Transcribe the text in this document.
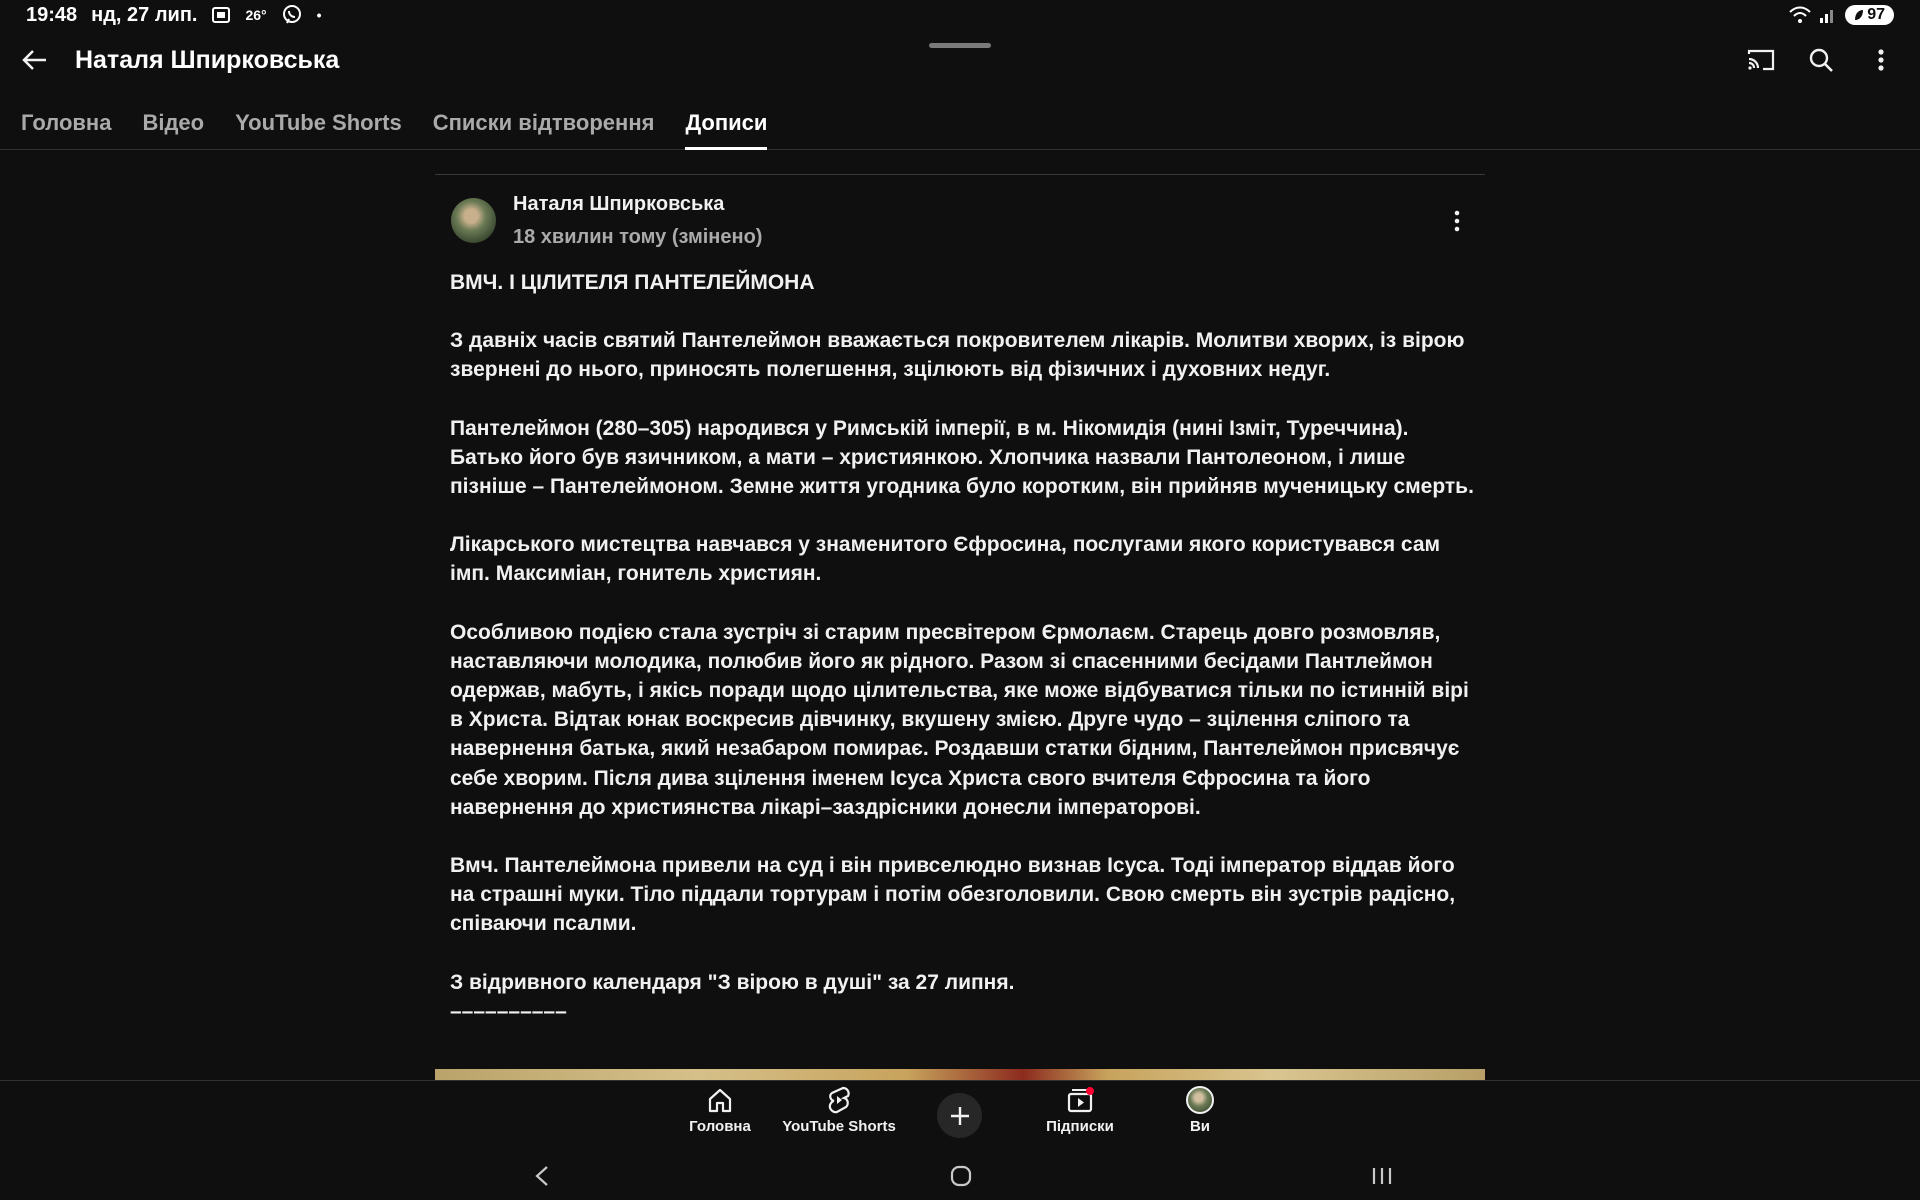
19:48 нд, 27 лип.	26°	•	97
Наталя Шпирковська
Головна Відео YouTube Shorts Списки відтворення Дописи
Наталя Шпирковська
18 хвилин тому (змінено)

ВМЧ. І ЦІЛИТЕЛЯ ПАНТЕЛЕЙМОНА

З давніх часів святий Пантелеймон вважається покровителем лікарів. Молитви хворих, із вірою звернені до нього, приносять полегшення, зцілюють від фізичних і духовних недуг.

Пантелеймон (280–305) народився у Римській імперії, в м. Нікомидія (нині Ізміт, Туреччина). Батько його був язичником, а мати – християнкою. Хлопчика назвали Пантолеоном, і лише пізніше – Пантелеймоном. Земне життя угодника було коротким, він прийняв мученицьку смерть.

Лікарського мистецтва навчався у знаменитого Єфросина, послугами якого користувався сам імп. Максиміан, гонитель християн.

Особливою подією стала зустріч зі старим пресвітером Єрмолаєм. Старець довго розмовляв, наставляючи молодика, полюбив його як рідного. Разом зі спасенними бесідами Пантлеймон одержав, мабуть, і якісь поради щодо цілительства, яке може відбуватися тільки по істинній вірі в Христа. Відтак юнак воскресив дівчинку, вкушену змією. Друге чудо – зцілення сліпого та навернення батька, який незабаром помирає. Роздавши статки бідним, Пантелеймон присвячує себе хворим. Після дива зцілення іменем Ісуса Христа свого вчителя Єфросина та його навернення до християнства лікарі–заздрісники донесли імператорові.

Вмч. Пантелеймона привели на суд і він привселюдно визнав Ісуса. Тоді імператор віддав його на страшні муки. Тіло піддали тортурам і потім обезголовили. Свою смерть він зустрів радісно, співаючи псалми.

З відривного календаря "З вірою в душі" за 27 липня.

––––––––––

Головна YouTube Shorts	Підписки	Ви
